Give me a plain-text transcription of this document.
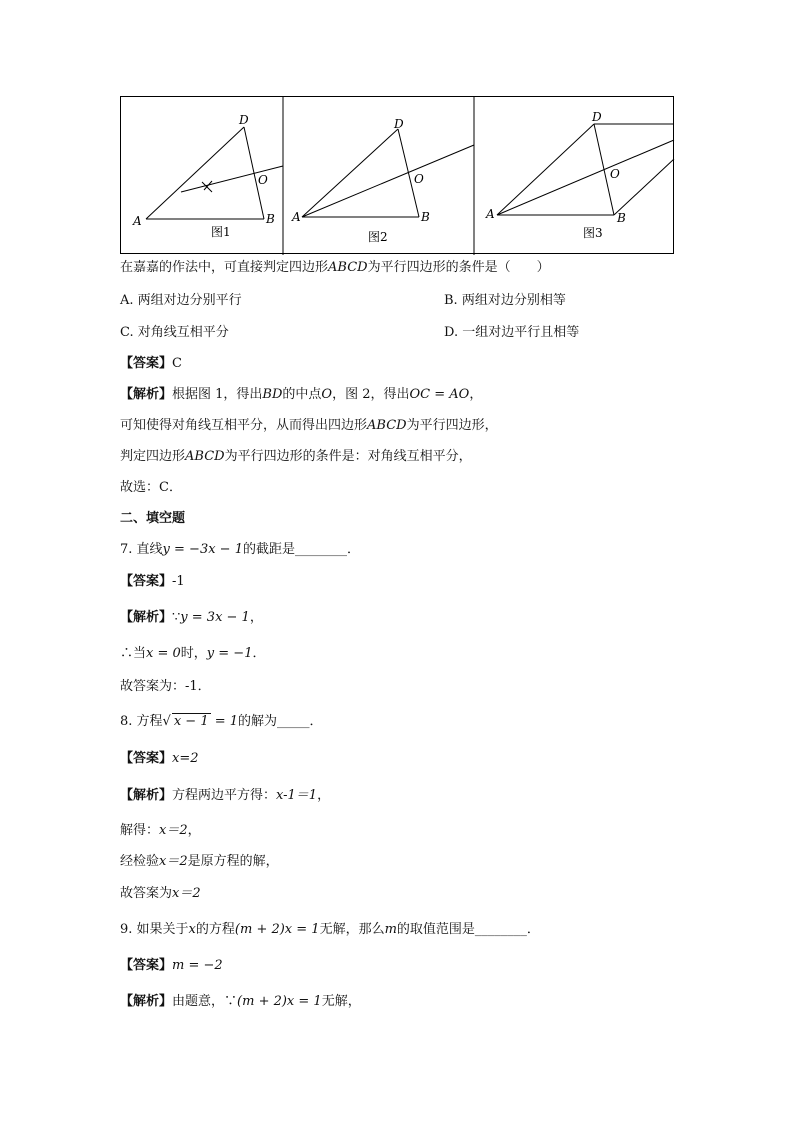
A	B
D
O
A	B
D
O
A	B
D
O
图1	图2	图3
在嘉嘉的作法中，可直接判定四边形ABCD为平行四边形的条件是（　　）
A. 两组对边分别平行	B. 两组对边分别相等
C. 对角线互相平分	D. 一组对边平行且相等
【答案】C
【解析】根据图 1，得出BD的中点O，图 2，得出OC = AO，
可知使得对角线互相平分，从而得出四边形ABCD为平行四边形，
判定四边形ABCD为平行四边形的条件是：对角线互相平分，
故选：C．
二、填空题
7. 直线y = −3x − 1的截距是________．
【答案】-1
【解析】∵y = 3x − 1，
∴当x = 0时，y = −1．
故答案为：-1．
8. 方程√ x − 1 = 1的解为_____．
【答案】x=2
【解析】方程两边平方得：x-1＝1，
解得：x＝2，
经检验x＝2是原方程的解，
故答案为x＝2
9. 如果关于x的方程(m + 2)x = 1无解，那么m的取值范围是________．
【答案】m = −2
【解析】由题意，∵(m + 2)x = 1无解，
